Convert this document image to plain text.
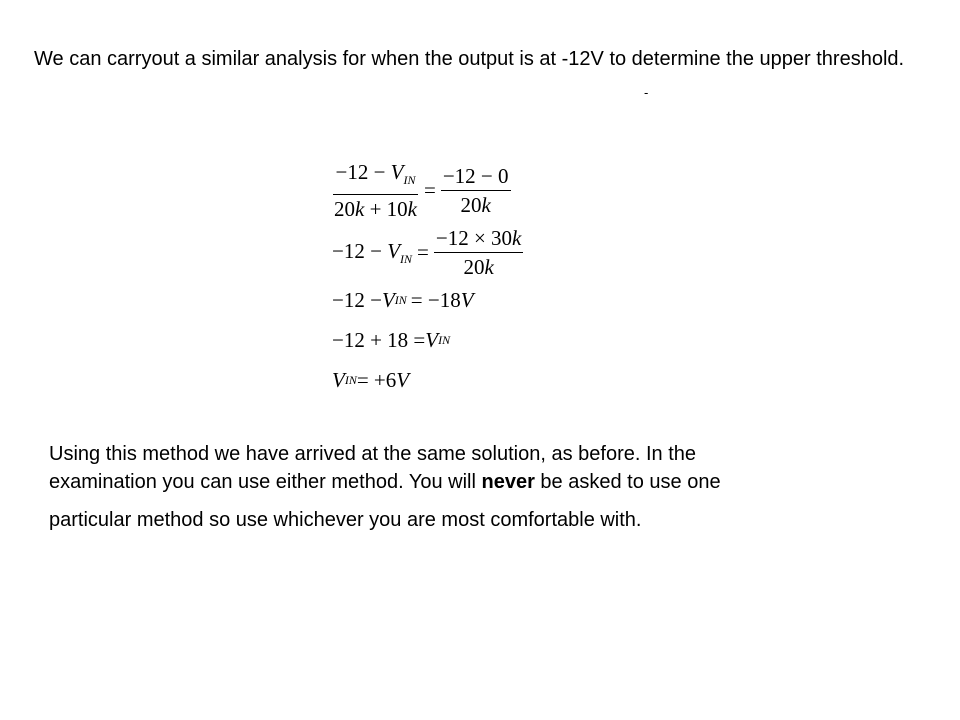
We can carryout a similar analysis for when the output is at -12V to determine the upper threshold.

-
$\frac{-12 - V_{IN}}{20k + 10k} = \frac{-12 - 0}{20k}$
$-12 - V_{IN} = \frac{-12 \times 30k}{20k}$
−12 − V IN = −18 V
−12 + 18 = V IN
V IN = +6 V
Using this method we have arrived at the same solution, as before. In the
examination you can use either method. You will never be asked to use one
particular method so use whichever you are most comfortable with.
